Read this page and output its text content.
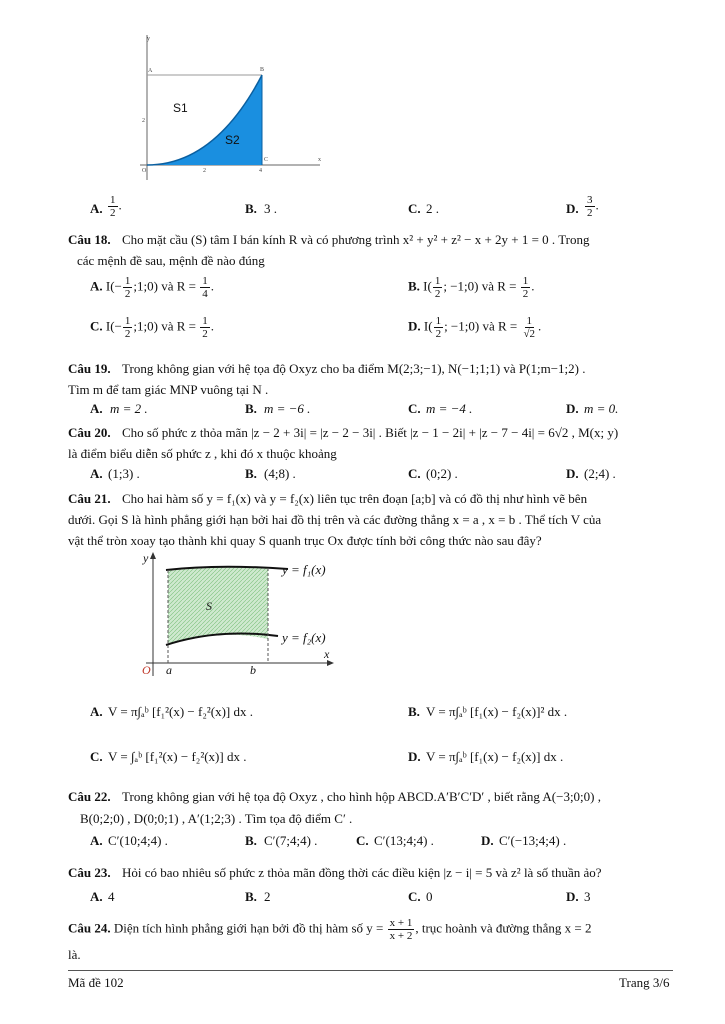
y
x
A	B
C
O
2
2	4
S1
S2
A. $\frac{1}{2}$ .	B. 3 .	C. 2 .	D. $\frac{3}{2}$ .
Câu 18. Cho mặt cầu (S) tâm I bán kính R và có phương trình x² + y² + z² − x + 2y + 1 = 0 . Trong
các mệnh đề sau, mệnh đề nào đúng
A. $I(- \frac{1}{2}$ ;1;0) và $R = \frac{1}{4}$ .	B. $I( \frac{1}{2}$ ; −1;0) và $R = \frac{1}{2}$ .
C. $I(- \frac{1}{2}$ ;1;0) và $R = \frac{1}{2}$ .	D. $I( \frac{1}{2}$ ; −1;0) và $R = \frac{1}{√2}$ .
Câu 19. Trong không gian với hệ tọa độ Oxyz cho ba điểm M(2;3;−1), N(−1;1;1) và P(1;m−1;2) .
Tìm m để tam giác MNP vuông tại N .
A. m = 2 .	B. m = −6 .	C. m = −4 .	D. m = 0.
Câu 20. Cho số phức z thỏa mãn |z − 2 + 3i| = |z − 2 − 3i| . Biết |z − 1 − 2i| + |z − 7 − 4i| = 6√2 , M(x; y)
là điểm biểu diễn số phức z , khi đó x thuộc khoảng
A. (1;3) .	B. (4;8) .	C. (0;2) .	D. (2;4) .
Câu 21. Cho hai hàm số y = f₁(x) và y = f₂(x) liên tục trên đoạn [a;b] và có đồ thị như hình vẽ bên
dưới. Gọi S là hình phẳng giới hạn bởi hai đồ thị trên và các đường thẳng x = a , x = b . Thể tích V của
vật thể tròn xoay tạo thành khi quay S quanh trục Ox được tính bởi công thức nào sau đây?
y
x
O a	b
S
y = f₁(x)
y = f₂(x)
A. V = π∫ₐᵇ [f₁²(x) − f₂²(x)] dx .	B. V = π∫ₐᵇ [f₁(x) − f₂(x)]² dx .
C. V = ∫ₐᵇ [f₁²(x) − f₂²(x)] dx .	D. V = π∫ₐᵇ [f₁(x) − f₂(x)] dx .
Câu 22. Trong không gian với hệ tọa độ Oxyz , cho hình hộp ABCD.A′B′C′D′ , biết rằng A(−3;0;0) ,
B(0;2;0) , D(0;0;1) , A′(1;2;3) . Tìm tọa độ điểm C′ .
A. C′(10;4;4) .	B. C′(7;4;4) .	C. C′(13;4;4) .	D. C′(−13;4;4) .
Câu 23. Hỏi có bao nhiêu số phức z thỏa mãn đồng thời các điều kiện |z − i| = 5 và z² là số thuần ảo?
A. 4	B. 2	C. 0	D. 3
Câu 24. Diện tích hình phẳng giới hạn bởi đồ thị hàm số $y = \frac{x + 1}{x + 2}$ , trục hoành và đường thẳng x = 2
là.
Mã đề 102	Trang 3/6
